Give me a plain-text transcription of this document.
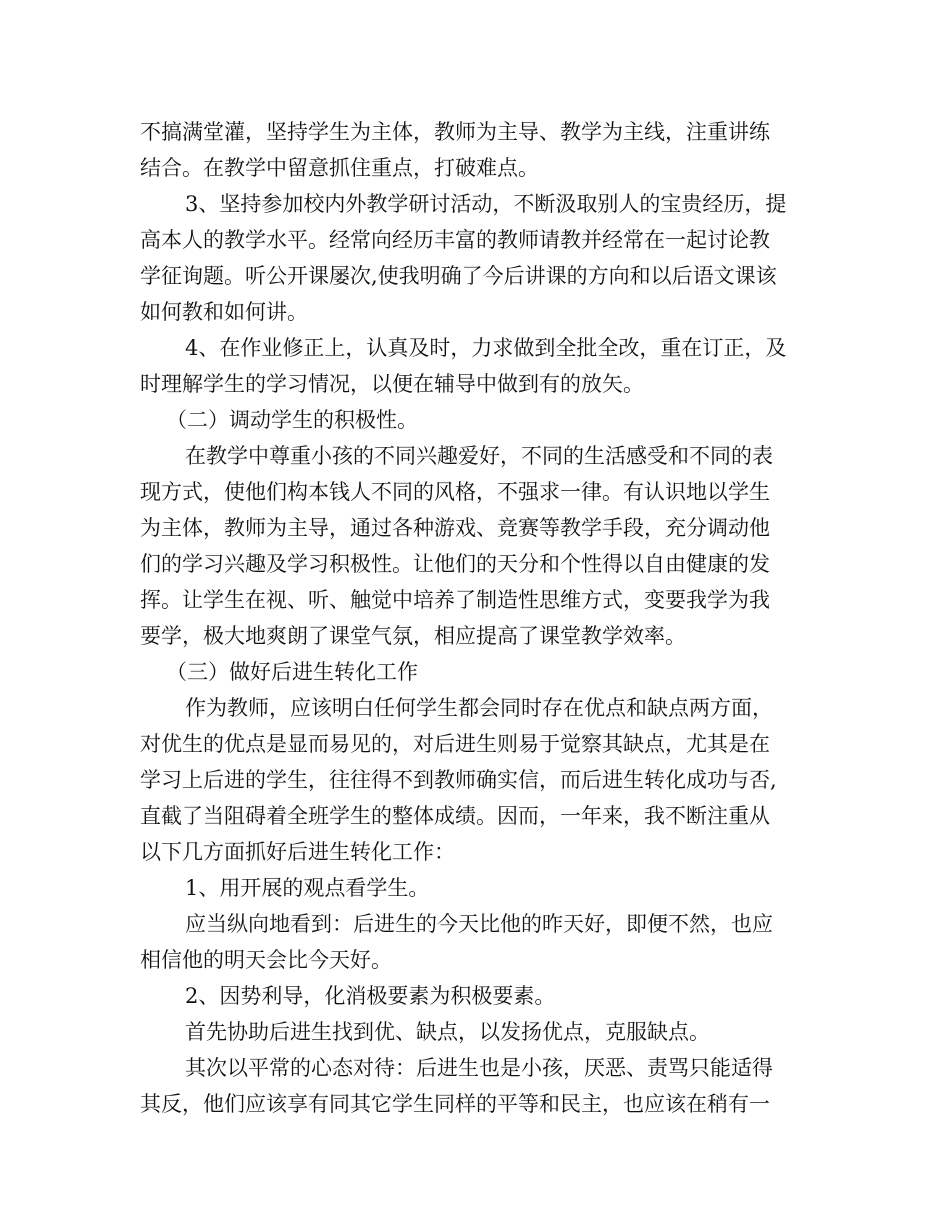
不搞满堂灌，坚持学生为主体，教师为主导、教学为主线，注重讲练
结合。在教学中留意抓住重点，打破难点。
3、坚持参加校内外教学研讨活动，不断汲取别人的宝贵经历，提
高本人的教学水平。经常向经历丰富的教师请教并经常在一起讨论教
学征询题。听公开课屡次,使我明确了今后讲课的方向和以后语文课该
如何教和如何讲。
4、在作业修正上，认真及时，力求做到全批全改，重在订正，及
时理解学生的学习情况，以便在辅导中做到有的放矢。
（二）调动学生的积极性。
在教学中尊重小孩的不同兴趣爱好，不同的生活感受和不同的表
现方式，使他们构本钱人不同的风格，不强求一律。有认识地以学生
为主体，教师为主导，通过各种游戏、竞赛等教学手段，充分调动他
们的学习兴趣及学习积极性。让他们的天分和个性得以自由健康的发
挥。让学生在视、听、触觉中培养了制造性思维方式，变要我学为我
要学，极大地爽朗了课堂气氛，相应提高了课堂教学效率。
（三）做好后进生转化工作
作为教师，应该明白任何学生都会同时存在优点和缺点两方面，
对优生的优点是显而易见的，对后进生则易于觉察其缺点，尤其是在
学习上后进的学生，往往得不到教师确实信，而后进生转化成功与否,
直截了当阻碍着全班学生的整体成绩。因而，一年来，我不断注重从
以下几方面抓好后进生转化工作：
1、用开展的观点看学生。
应当纵向地看到：后进生的今天比他的昨天好，即便不然，也应
相信他的明天会比今天好。
2、因势利导，化消极要素为积极要素。
首先协助后进生找到优、缺点，以发扬优点，克服缺点。
其次以平常的心态对待：后进生也是小孩，厌恶、责骂只能适得
其反，他们应该享有同其它学生同样的平等和民主，也应该在稍有一
